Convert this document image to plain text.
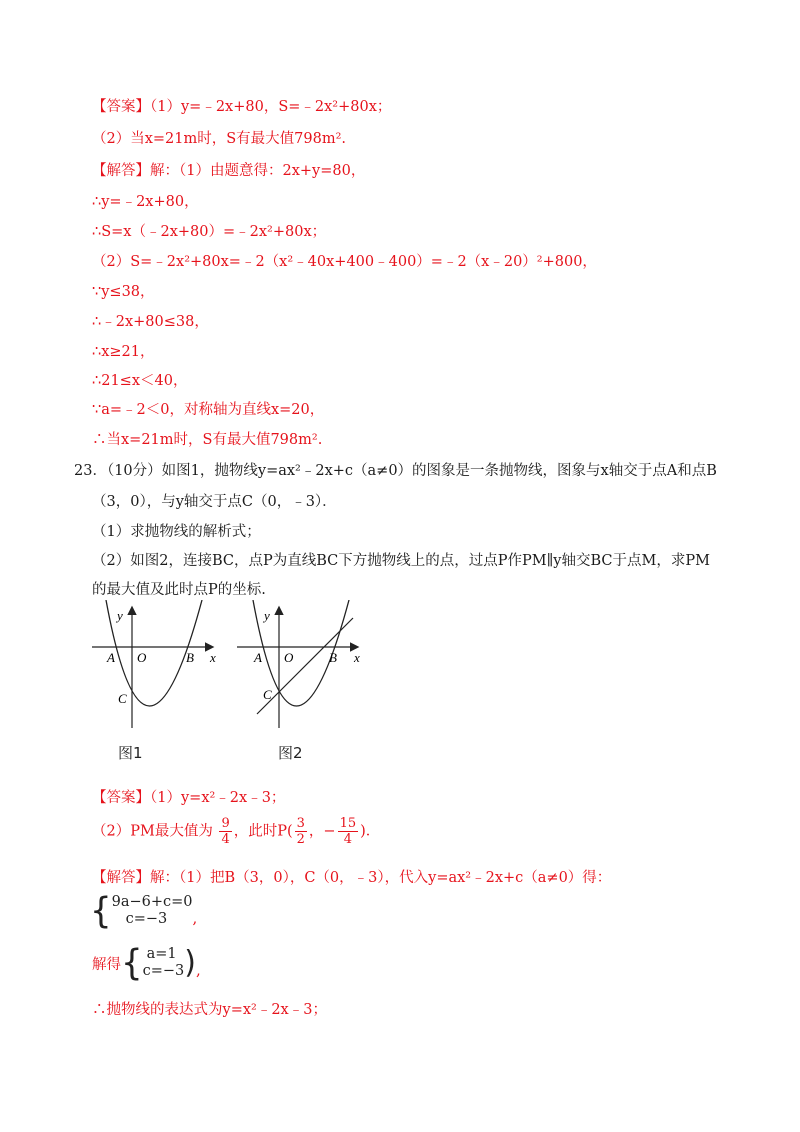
【答案】（1）y=﹣2x+80，S=﹣2x²+80x；
（2）当x=21m时，S有最大值798m².
【解答】解：（1）由题意得：2x+y=80，
∴y=﹣2x+80，
∴S=x（﹣2x+80）=﹣2x²+80x；
（2）S=﹣2x²+80x=﹣2（x²﹣40x+400﹣400）=﹣2（x﹣20）²+800，
∵y≤38，
∴﹣2x+80≤38，
∴x≥21，
∴21≤x＜40，
∵a=﹣2＜0，对称轴为直线x=20，
∴当x=21m时，S有最大值798m².
23．（10分）如图1，抛物线y=ax²﹣2x+c（a≠0）的图象是一条抛物线，图象与x轴交于点A和点B
（3，0），与y轴交于点C（0，﹣3）．
（1）求抛物线的解析式；
（2）如图2，连接BC，点P为直线BC下方抛物线上的点，过点P作PM∥y轴交BC于点M，求PM
的最大值及此时点P的坐标.
y
x
A O	B
C
图1
y
x
A O	B
C
图2
【答案】（1）y=x²﹣2x﹣3；
（2）PM最大值为 $\frac{9}{4}$ ，此时$P( \frac{3}{2}$ ，− $\frac{15}{4}$ )．
【解答】解：（1）把B（3，0），C（0，﹣3），代入y=ax²﹣2x+c（a≠0）得：
{ 9a−6+c=0
c=−3	,
解得 { a=1
c=−3 ) ,
∴抛物线的表达式为y=x²﹣2x﹣3；
